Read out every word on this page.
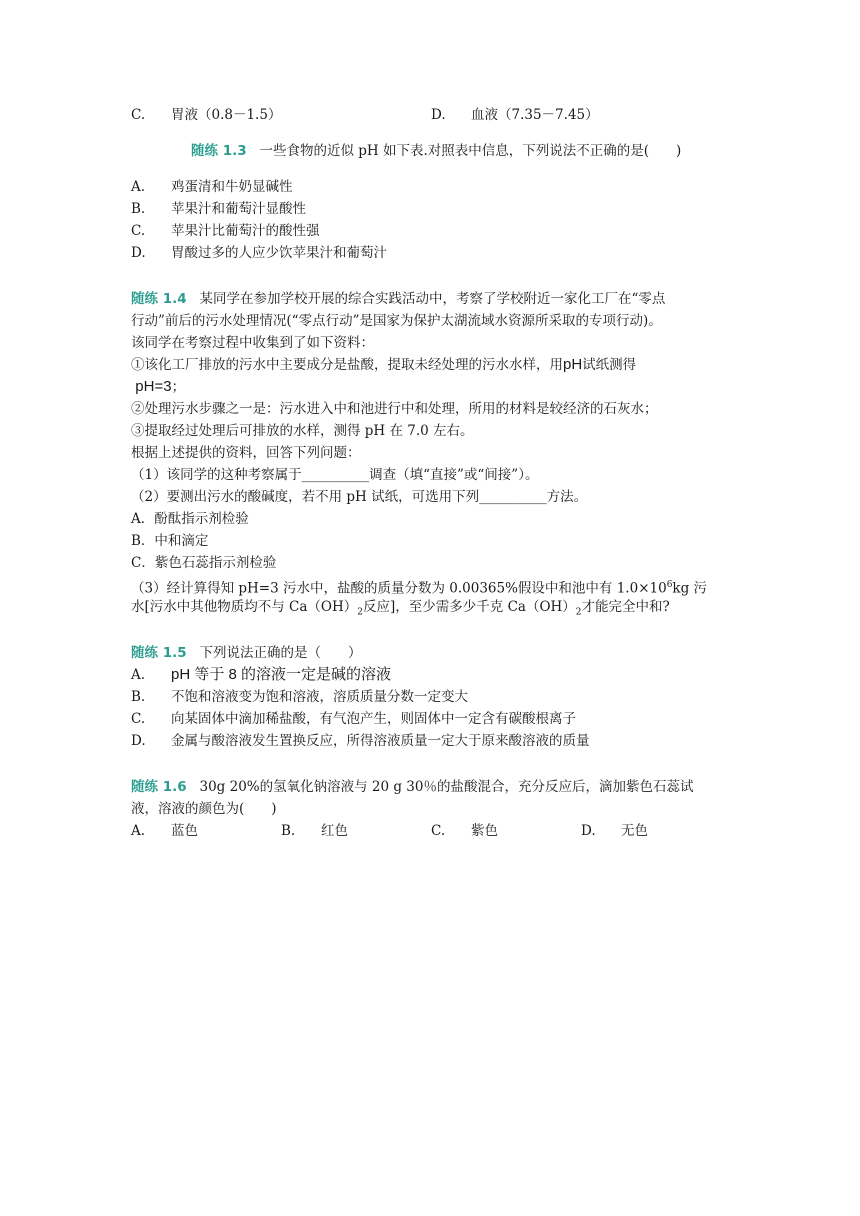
C. 胃液（0.8－1.5）	D. 血液（7.35－7.45）
随练 1.3 一些食物的近似 pH 如下表.对照表中信息，下列说法不正确的是(　　)
A. 鸡蛋清和牛奶显碱性
B. 苹果汁和葡萄汁显酸性
C. 苹果汁比葡萄汁的酸性强
D. 胃酸过多的人应少饮苹果汁和葡萄汁
随练 1.4 某同学在参加学校开展的综合实践活动中，考察了学校附近一家化工厂在“零点
行动”前后的污水处理情况(“零点行动”是国家为保护太湖流域水资源所采取的专项行动)。
该同学在考察过程中收集到了如下资料：
①该化工厂排放的污水中主要成分是盐酸，提取未经处理的污水水样，用pH试纸测得
pH=3；
②处理污水步骤之一是：污水进入中和池进行中和处理，所用的材料是较经济的石灰水；
③提取经过处理后可排放的水样，测得 pH 在 7.0 左右。
根据上述提供的资料，回答下列问题：
（1）该同学的这种考察属于__________调查（填“直接”或“间接”）。
（2）要测出污水的酸碱度，若不用 pH 试纸，可选用下列__________方法。
A．酚酞指示剂检验
B．中和滴定
C．紫色石蕊指示剂检验
（3）经计算得知 pH=3 污水中，盐酸的质量分数为 0.00365%假设中和池中有 $1.0\times 10^6kg$ 污
水[污水中其他物质均不与 $Ca(OH)_2$反应]，至少需多少千克 $Ca(OH)_2$才能完全中和?
随练 1.5 下列说法正确的是（　　）
A. pH 等于 8 的溶液一定是碱的溶液
B. 不饱和溶液变为饱和溶液，溶质质量分数一定变大
C. 向某固体中滴加稀盐酸，有气泡产生，则固体中一定含有碳酸根离子
D. 金属与酸溶液发生置换反应，所得溶液质量一定大于原来酸溶液的质量
随练 1.6 30g 20%的氢氧化钠溶液与 20 g 30％的盐酸混合，充分反应后，滴加紫色石蕊试
液，溶液的颜色为(　　)
A. 蓝色	B. 红色	C. 紫色	D. 无色
